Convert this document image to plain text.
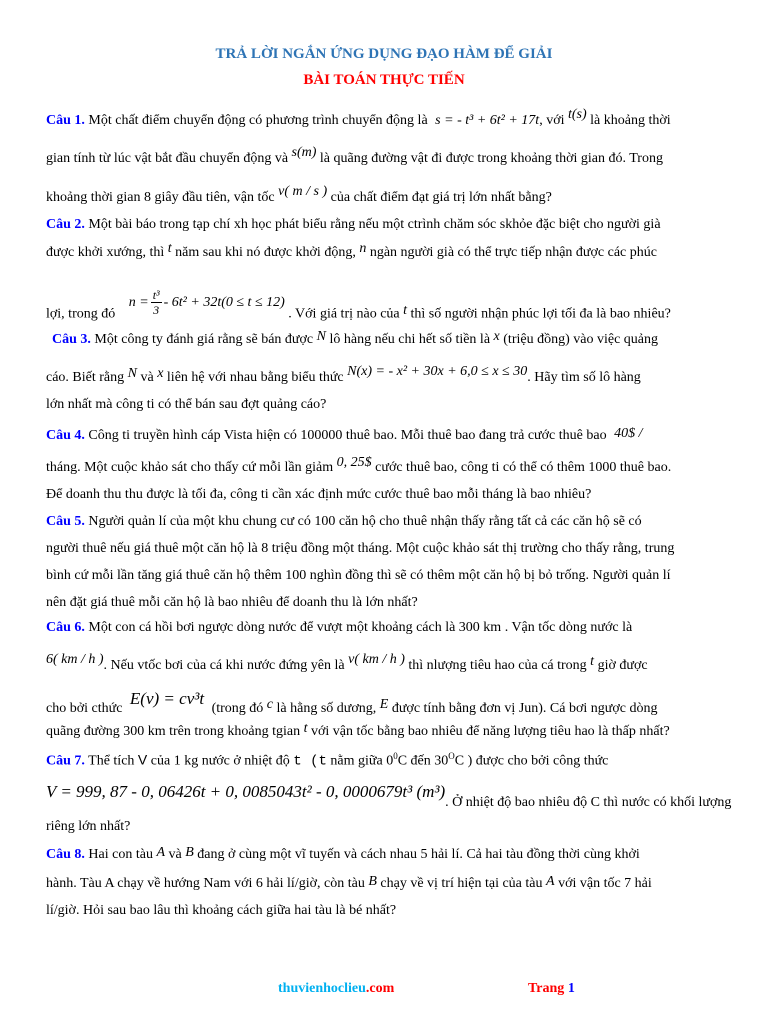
TRẢ LỜI NGẮN ỨNG DỤNG ĐẠO HÀM ĐỂ GIẢI
BÀI TOÁN THỰC TIẾN
Câu 1. Một chất điểm chuyển động có phương trình chuyển động là s = - t³ + 6t² + 17t, với t(s) là khoảng thời
gian tính từ lúc vật bắt đầu chuyển động và s(m) là quãng đường vật đi được trong khoảng thời gian đó. Trong
khoảng thời gian 8 giây đầu tiên, vận tốc v( m / s ) của chất điểm đạt giá trị lớn nhất bằng?
Câu 2. Một bài báo trong tạp chí xh học phát biểu rằng nếu một ctrình chăm sóc skhỏe đặc biệt cho người già
được khởi xướng, thì t năm sau khi nó được khởi động, n ngàn người già có thể trực tiếp nhận được các phúc
lợi, trong đó $n = \frac{\text{t³}}{3} - 6t^2 + 32t(0 \le t \le 12)$ . Với giá trị nào của t thì số người nhận phúc lợi tối đa là bao nhiêu?
Câu 3. Một công ty đánh giá rằng sẽ bán được N lô hàng nếu chi hết số tiền là x (triệu đồng) vào việc quảng
cáo. Biết rằng N và x liên hệ với nhau bằng biểu thức N(x) = - x² + 30x + 6,0 ≤ x ≤ 30. Hãy tìm số lô hàng
lớn nhất mà công ti có thể bán sau đợt quảng cáo?
Câu 4. Công ti truyền hình cáp Vista hiện có 100000 thuê bao. Mỗi thuê bao đang trả cước thuê bao 40$ /
tháng. Một cuộc khảo sát cho thấy cứ mỗi lần giảm 0, 25$ cước thuê bao, công ti có thể có thêm 1000 thuê bao.
Để doanh thu thu được là tối đa, công ti cần xác định mức cước thuê bao mỗi tháng là bao nhiêu?
Câu 5. Người quản lí của một khu chung cư có 100 căn hộ cho thuê nhận thấy rằng tất cả các căn hộ sẽ có
người thuê nếu giá thuê một căn hộ là 8 triệu đồng một tháng. Một cuộc khảo sát thị trường cho thấy rằng, trung
bình cứ mỗi lần tăng giá thuê căn hộ thêm 100 nghìn đồng thì sẽ có thêm một căn hộ bị bỏ trống. Người quản lí
nên đặt giá thuê mỗi căn hộ là bao nhiêu để doanh thu là lớn nhất?
Câu 6. Một con cá hồi bơi ngược dòng nước để vượt một khoảng cách là 300 km . Vận tốc dòng nước là
6( km / h ). Nếu vtốc bơi của cá khi nước đứng yên là v( km / h ) thì nlượng tiêu hao của cá trong t giờ được
cho bởi cthức E(v) = cv³t (trong đó c là hằng số dương, E được tính bằng đơn vị Jun). Cá bơi ngược dòng
quãng đường 300 km trên trong khoảng tgian t với vận tốc bằng bao nhiêu để năng lượng tiêu hao là thấp nhất?
Câu 7. Thể tích V của 1 kg nước ở nhiệt độ t (t nằm giữa $0^0C$ đến $30^OC$ ) được cho bởi công thức
V = 999, 87 - 0, 06426t + 0, 0085043t² - 0, 0000679t³ (m³). Ở nhiệt độ bao nhiêu độ C thì nước có khối lượng
riêng lớn nhất?
Câu 8. Hai con tàu A và B đang ở cùng một vĩ tuyến và cách nhau 5 hải lí. Cả hai tàu đồng thời cùng khởi
hành. Tàu A chạy về hướng Nam với 6 hải lí/giờ, còn tàu B chạy về vị trí hiện tại của tàu A với vận tốc 7 hải
lí/giờ. Hỏi sau bao lâu thì khoảng cách giữa hai tàu là bé nhất?
thuvienhoclieu.com	Trang 1
